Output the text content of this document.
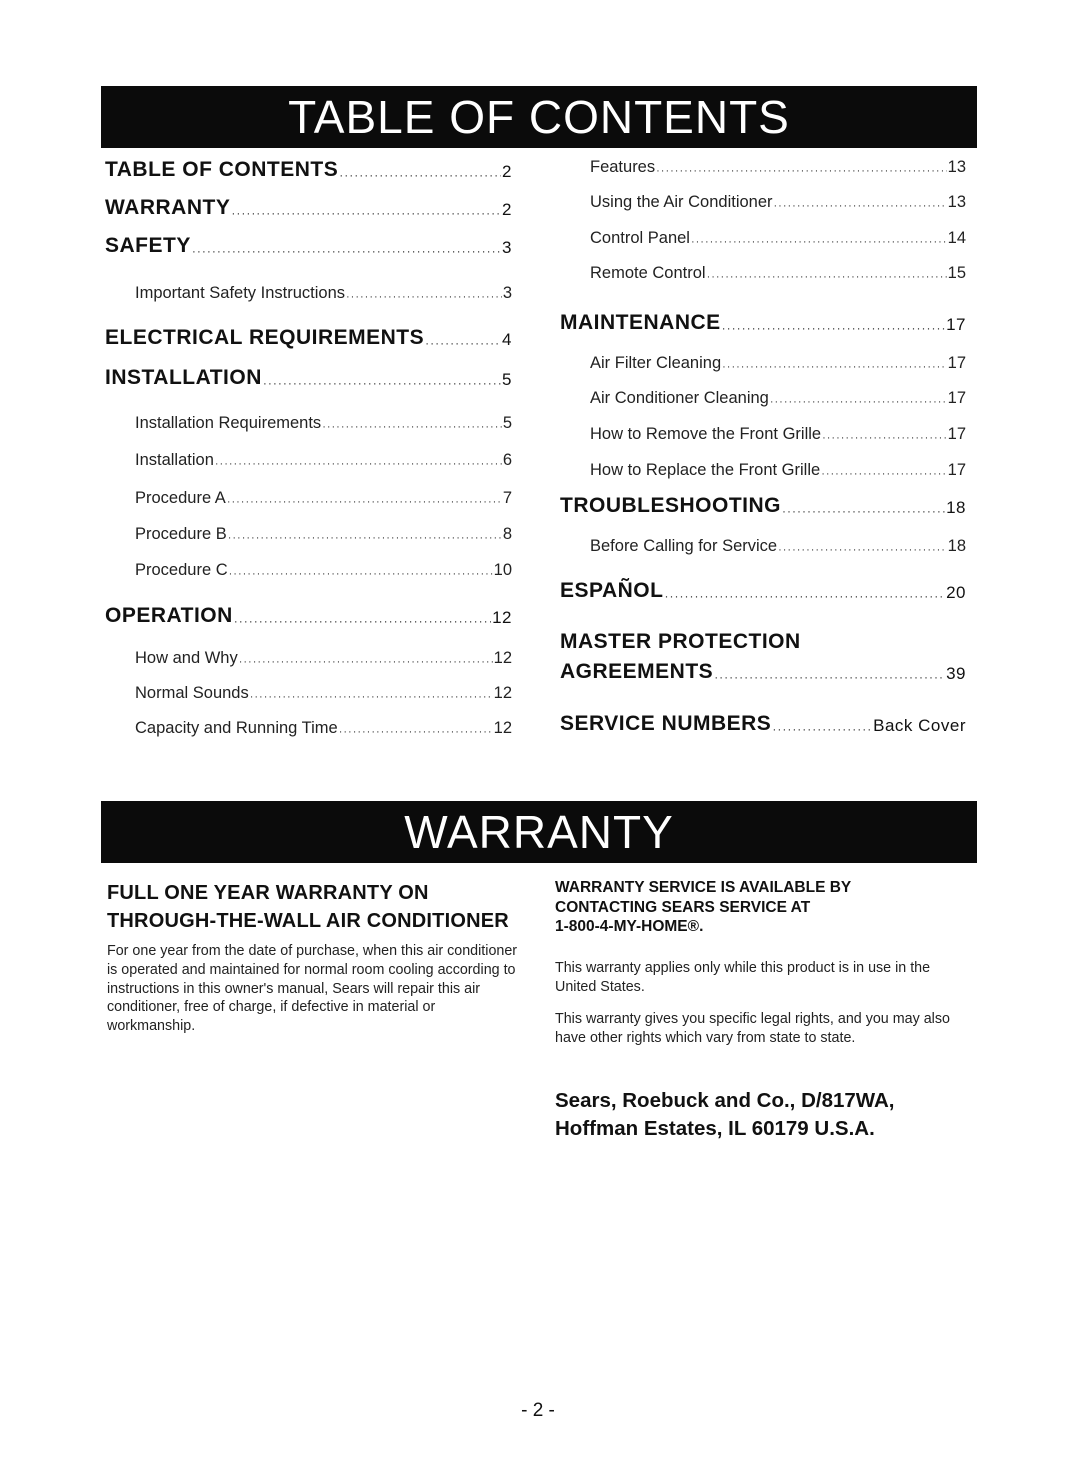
TABLE OF CONTENTS
TABLE OF CONTENTS ·····	2
WARRANTY ·····	2
SAFETY ·····	3
Important Safety Instructions ·····	3
ELECTRICAL REQUIREMENTS ·····	4
INSTALLATION ·····	5
Installation Requirements ·····	5
Installation ·····	6
Procedure A ·····	7
Procedure B ·····	8
Procedure C ·····	10
OPERATION ·····	12
How and Why ·····	12
Normal Sounds ·····	12
Capacity and Running Time ·····	12
Features ·····	13
Using the Air Conditioner ·····	13
Control Panel ·····	14
Remote Control ·····	15
MAINTENANCE ·····	17
Air Filter Cleaning ·····	17
Air Conditioner Cleaning ·····	17
How to Remove the Front Grille ·····	17
How to Replace the Front Grille ·····	17
TROUBLESHOOTING ·····	18
Before Calling for Service ·····	18
ESPAÑOL ·····	20
MASTER PROTECTION
AGREEMENTS ·····	39
SERVICE NUMBERS ·····	Back Cover
WARRANTY
FULL ONE YEAR WARRANTY ON
THROUGH-THE-WALL AIR CONDITIONER
For one year from the date of purchase, when this air conditioner is operated and maintained for normal room cooling according to instructions in this owner's manual, Sears will repair this air conditioner, free of charge, if defective in material or workmanship.
WARRANTY SERVICE IS AVAILABLE BY
CONTACTING SEARS SERVICE AT
1-800-4-MY-HOME®.
This warranty applies only while this product is in use in the United States.
This warranty gives you specific legal rights, and you may also have other rights which vary from state to state.
Sears, Roebuck and Co., D/817WA,
Hoffman Estates, IL 60179 U.S.A.
- 2 -
